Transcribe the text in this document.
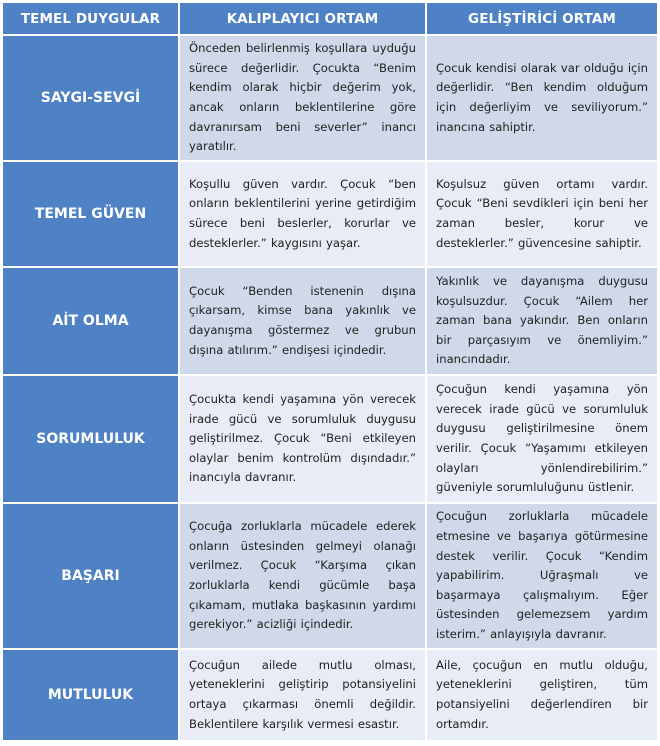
TEMEL DUYGULAR	KALIPLAYICI ORTAM	GELİŞTİRİCİ ORTAM
SAYGI-SEVGİ	Önceden belirlenmiş koşullara uyduğu sürece değerlidir. Çocukta “Benim kendim olarak hiçbir değerim yok, ancak onların beklentilerine göre davranırsam beni severler” inancı yaratılır.	Çocuk kendisi olarak var olduğu için değerlidir. “Ben kendim olduğum için değerliyim ve seviliyorum.” inancına sahiptir.
TEMEL GÜVEN	Koşullu güven vardır. Çocuk “ben onların beklentilerini yerine getirdiğim sürece beni beslerler, korurlar ve desteklerler.” kaygısını yaşar.	Koşulsuz güven ortamı vardır. Çocuk “Beni sevdikleri için beni her zaman besler, korur ve desteklerler.” güvencesine sahiptir.
AİT OLMA	Çocuk “Benden istenenin dışına çıkarsam, kimse bana yakınlık ve dayanışma göstermez ve grubun dışına atılırım.” endişesi içindedir.	Yakınlık ve dayanışma duygusu koşulsuzdur. Çocuk “Ailem her zaman bana yakındır. Ben onların bir parçasıyım ve önemliyim.” inancındadır.
SORUMLULUK	Çocukta kendi yaşamına yön verecek irade gücü ve sorumluluk duygusu geliştirilmez. Çocuk “Beni etkileyen olaylar benim kontrolüm dışındadır.” inancıyla davranır.	Çocuğun kendi yaşamına yön verecek irade gücü ve sorumluluk duygusu geliştirilmesine önem verilir. Çocuk “Yaşamımı etkileyen olayları yönlendirebilirim.” güveniyle sorumluluğunu üstlenir.
BAŞARI	Çocuğa zorluklarla mücadele ederek onların üstesinden gelmeyi olanağı verilmez. Çocuk “Karşıma çıkan zorluklarla kendi gücümle başa çıkamam, mutlaka başkasının yardımı gerekiyor.” acizliği içindedir.	Çocuğun zorluklarla mücadele etmesine ve başarıya götürmesine destek verilir. Çocuk “Kendim yapabilirim. Uğraşmalı ve başarmaya çalışmalıyım. Eğer üstesinden gelemezsem yardım isterim.” anlayışıyla davranır.
MUTLULUK	Çocuğun ailede mutlu olması, yeteneklerini geliştirip potansiyelini ortaya çıkarması önemli değildir. Beklentilere karşılık vermesi esastır.	Aile, çocuğun en mutlu olduğu, yeteneklerini geliştiren, tüm potansiyelini değerlendiren bir ortamdır.
